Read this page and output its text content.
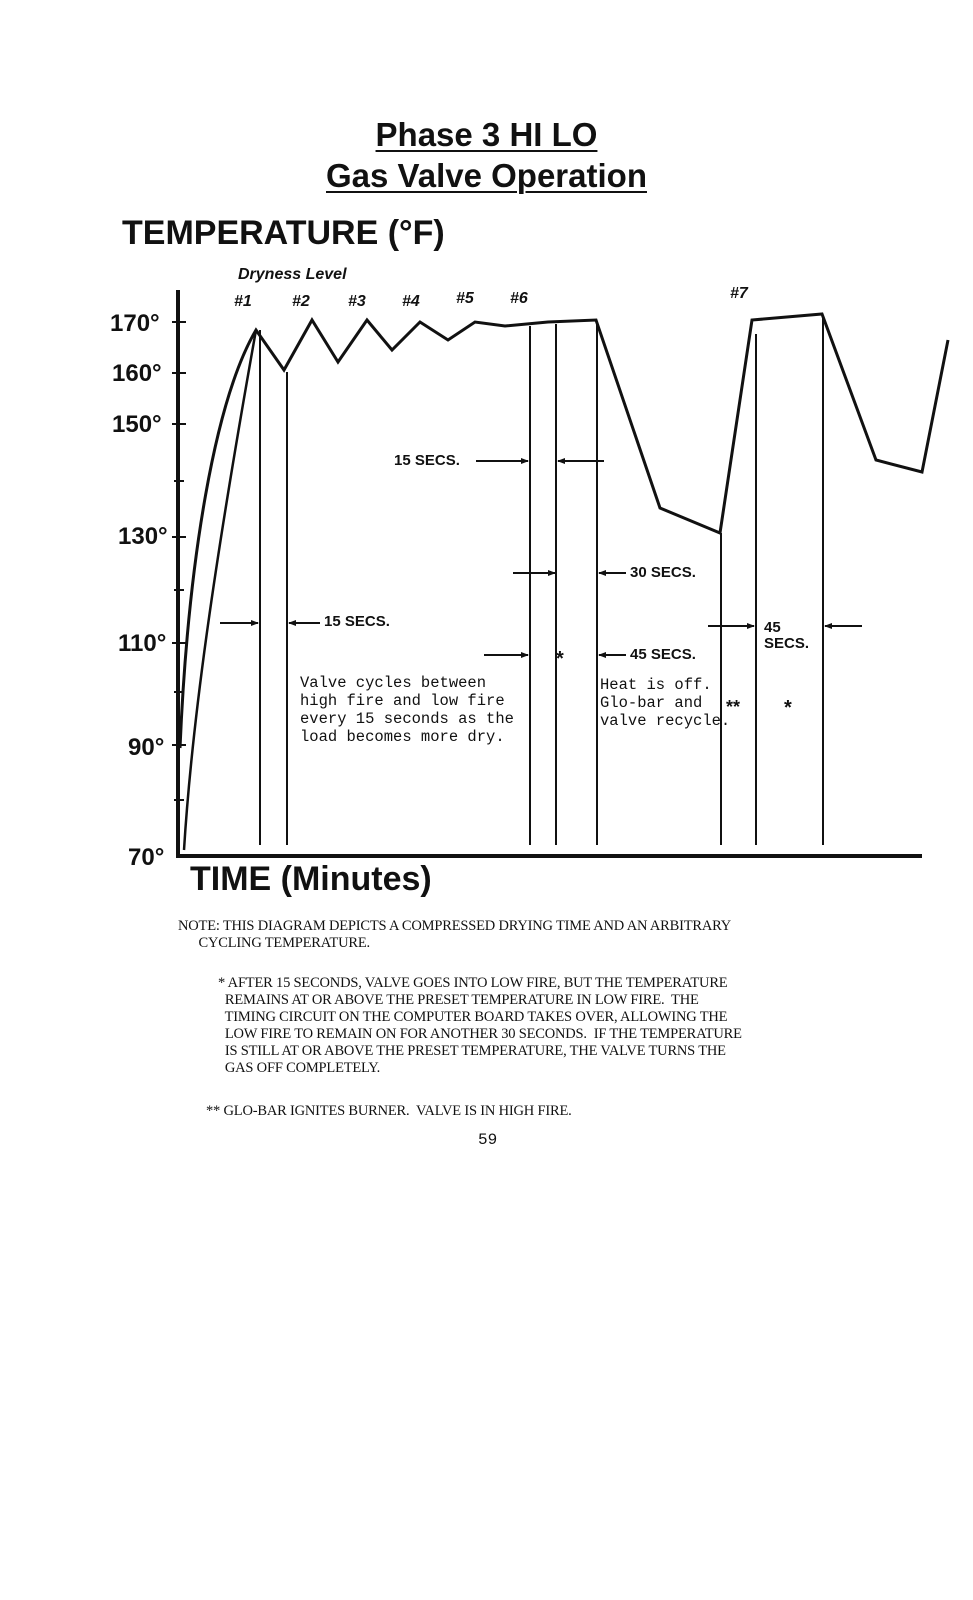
Phase 3 HI LO
Gas Valve Operation
TEMPERATURE (°F)
Dryness Level
#1	#2 #3 #4 #5 #6	#7
170°
160°
150°
130°
110°
90°
70°
15 SECS.
30 SECS.
15 SECS.
45 SECS.
45
SECS.
*
** *
Valve cycles between
high fire and low fire
every 15 seconds as the
load becomes more dry.
Heat is off.
Glo-bar and
valve recycle.
TIME (Minutes)
NOTE: THIS DIAGRAM DEPICTS A COMPRESSED DRYING TIME AND AN ARBITRARY
CYCLING TEMPERATURE.
* AFTER 15 SECONDS, VALVE GOES INTO LOW FIRE, BUT THE TEMPERATURE
REMAINS AT OR ABOVE THE PRESET TEMPERATURE IN LOW FIRE.  THE
TIMING CIRCUIT ON THE COMPUTER BOARD TAKES OVER, ALLOWING THE
LOW FIRE TO REMAIN ON FOR ANOTHER 30 SECONDS.  IF THE TEMPERATURE
IS STILL AT OR ABOVE THE PRESET TEMPERATURE, THE VALVE TURNS THE
GAS OFF COMPLETELY.
** GLO-BAR IGNITES BURNER.  VALVE IS IN HIGH FIRE.
59
